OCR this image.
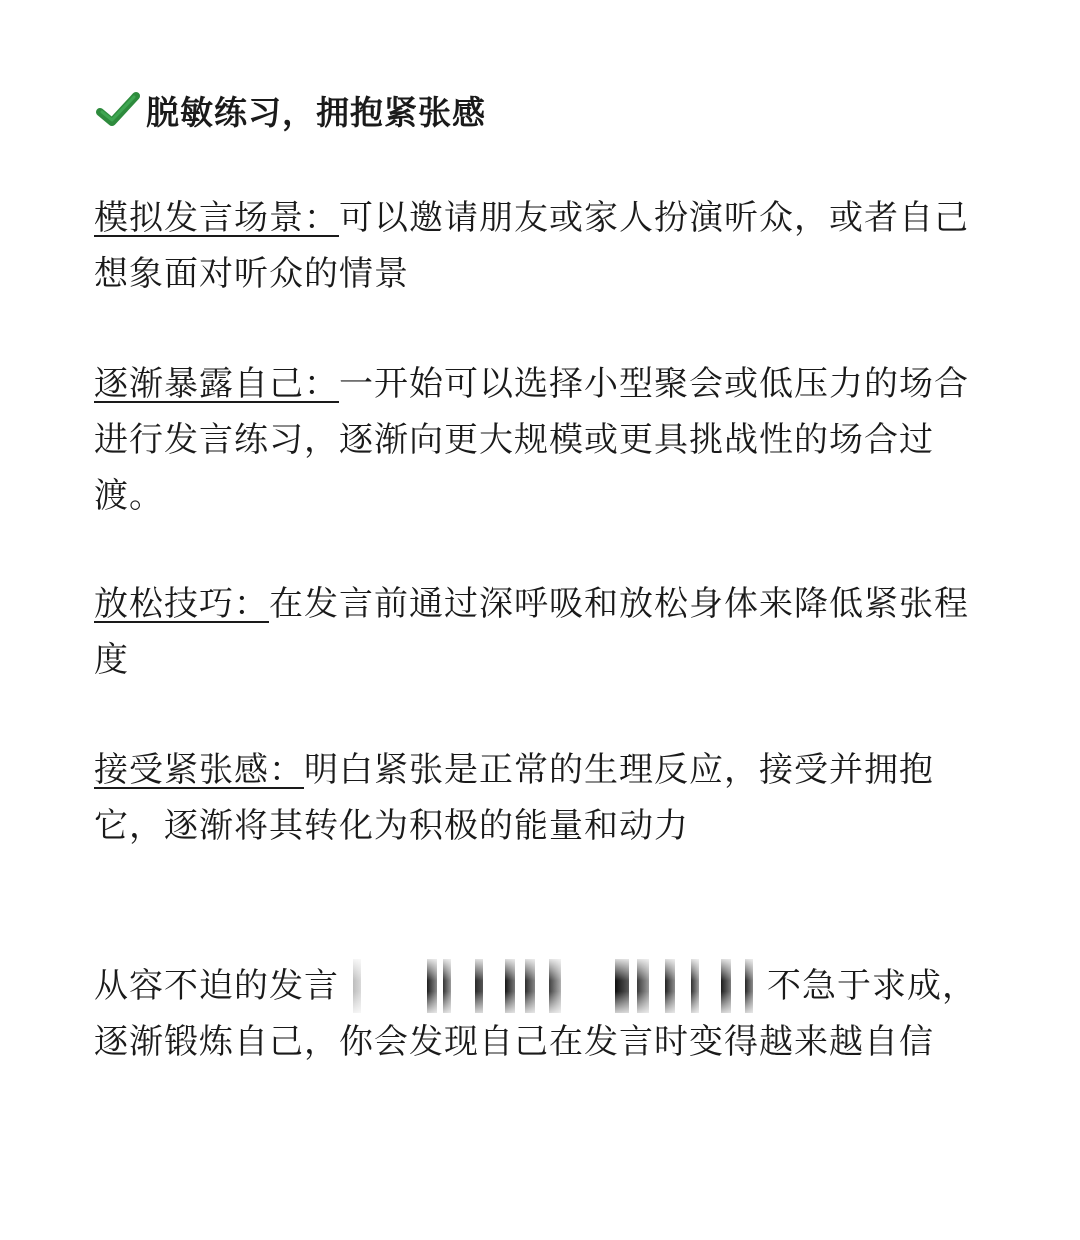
脱敏练习，拥抱紧张感

模拟发言场景：可以邀请朋友或家人扮演听众，或者自己想象面对听众的情景

逐渐暴露自己：一开始可以选择小型聚会或低压力的场合进行发言练习，逐渐向更大规模或更具挑战性的场合过渡。

放松技巧：在发言前通过深呼吸和放松身体来降低紧张程度

接受紧张感：明白紧张是正常的生理反应，接受并拥抱它，逐渐将其转化为积极的能量和动力

从容不迫的发言	不急于求成，逐渐锻炼自己，你会发现自己在发言时变得越来越自信
